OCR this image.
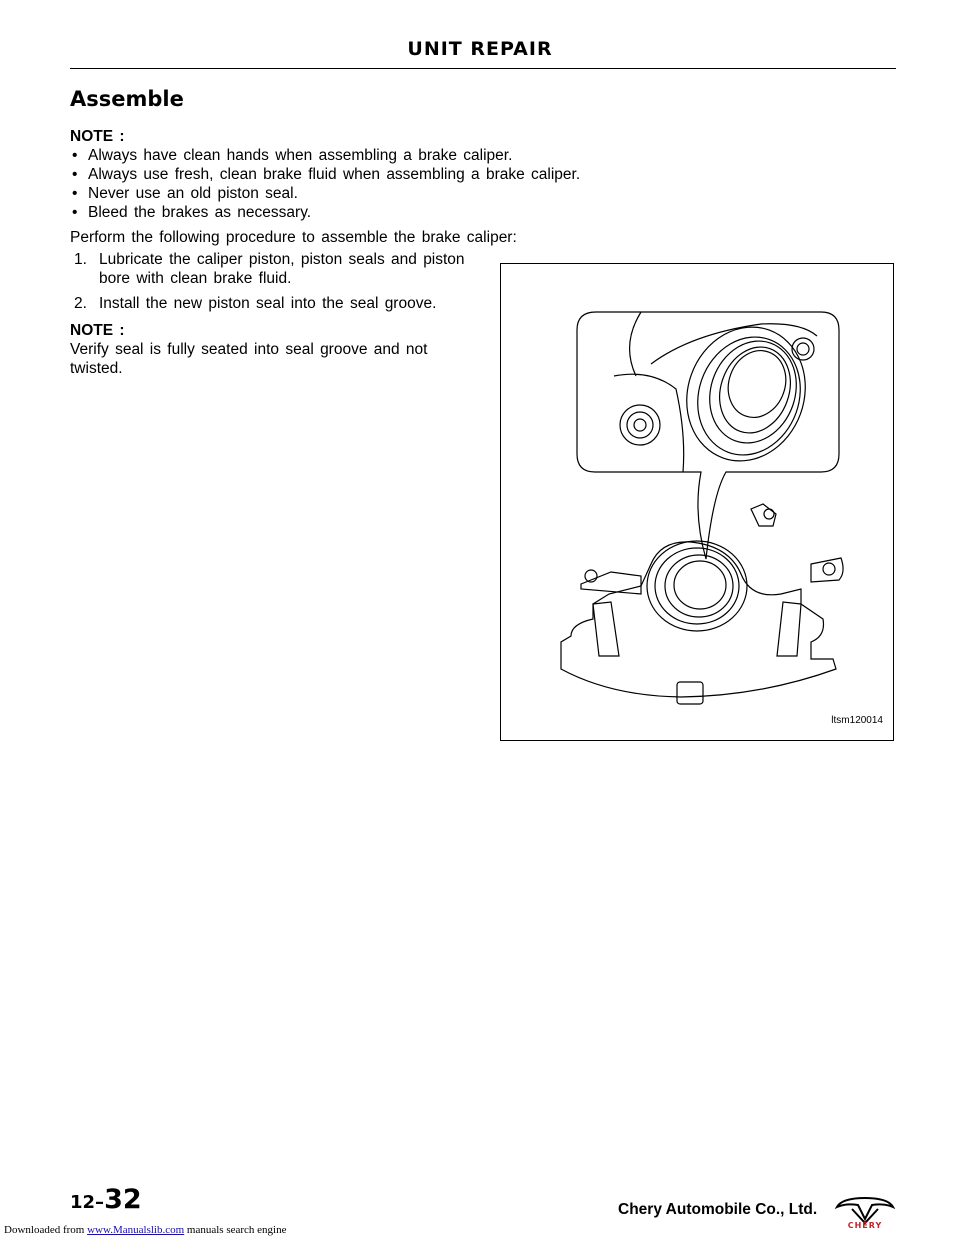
UNIT REPAIR
Assemble
NOTE :
• Always have clean hands when assembling a brake caliper.
• Always use fresh, clean brake fluid when assembling a brake caliper.
• Never use an old piston seal.
• Bleed the brakes as necessary.
Perform the following procedure to assemble the brake caliper:
1. Lubricate the caliper piston, piston seals and piston
bore with clean brake fluid.
2. Install the new piston seal into the seal groove.
NOTE :
Verify seal is fully seated into seal groove and not
twisted.
ltsm120014
12–32	Chery Automobile Co., Ltd.
CHERY
Downloaded from www.Manualslib.com manuals search engine
